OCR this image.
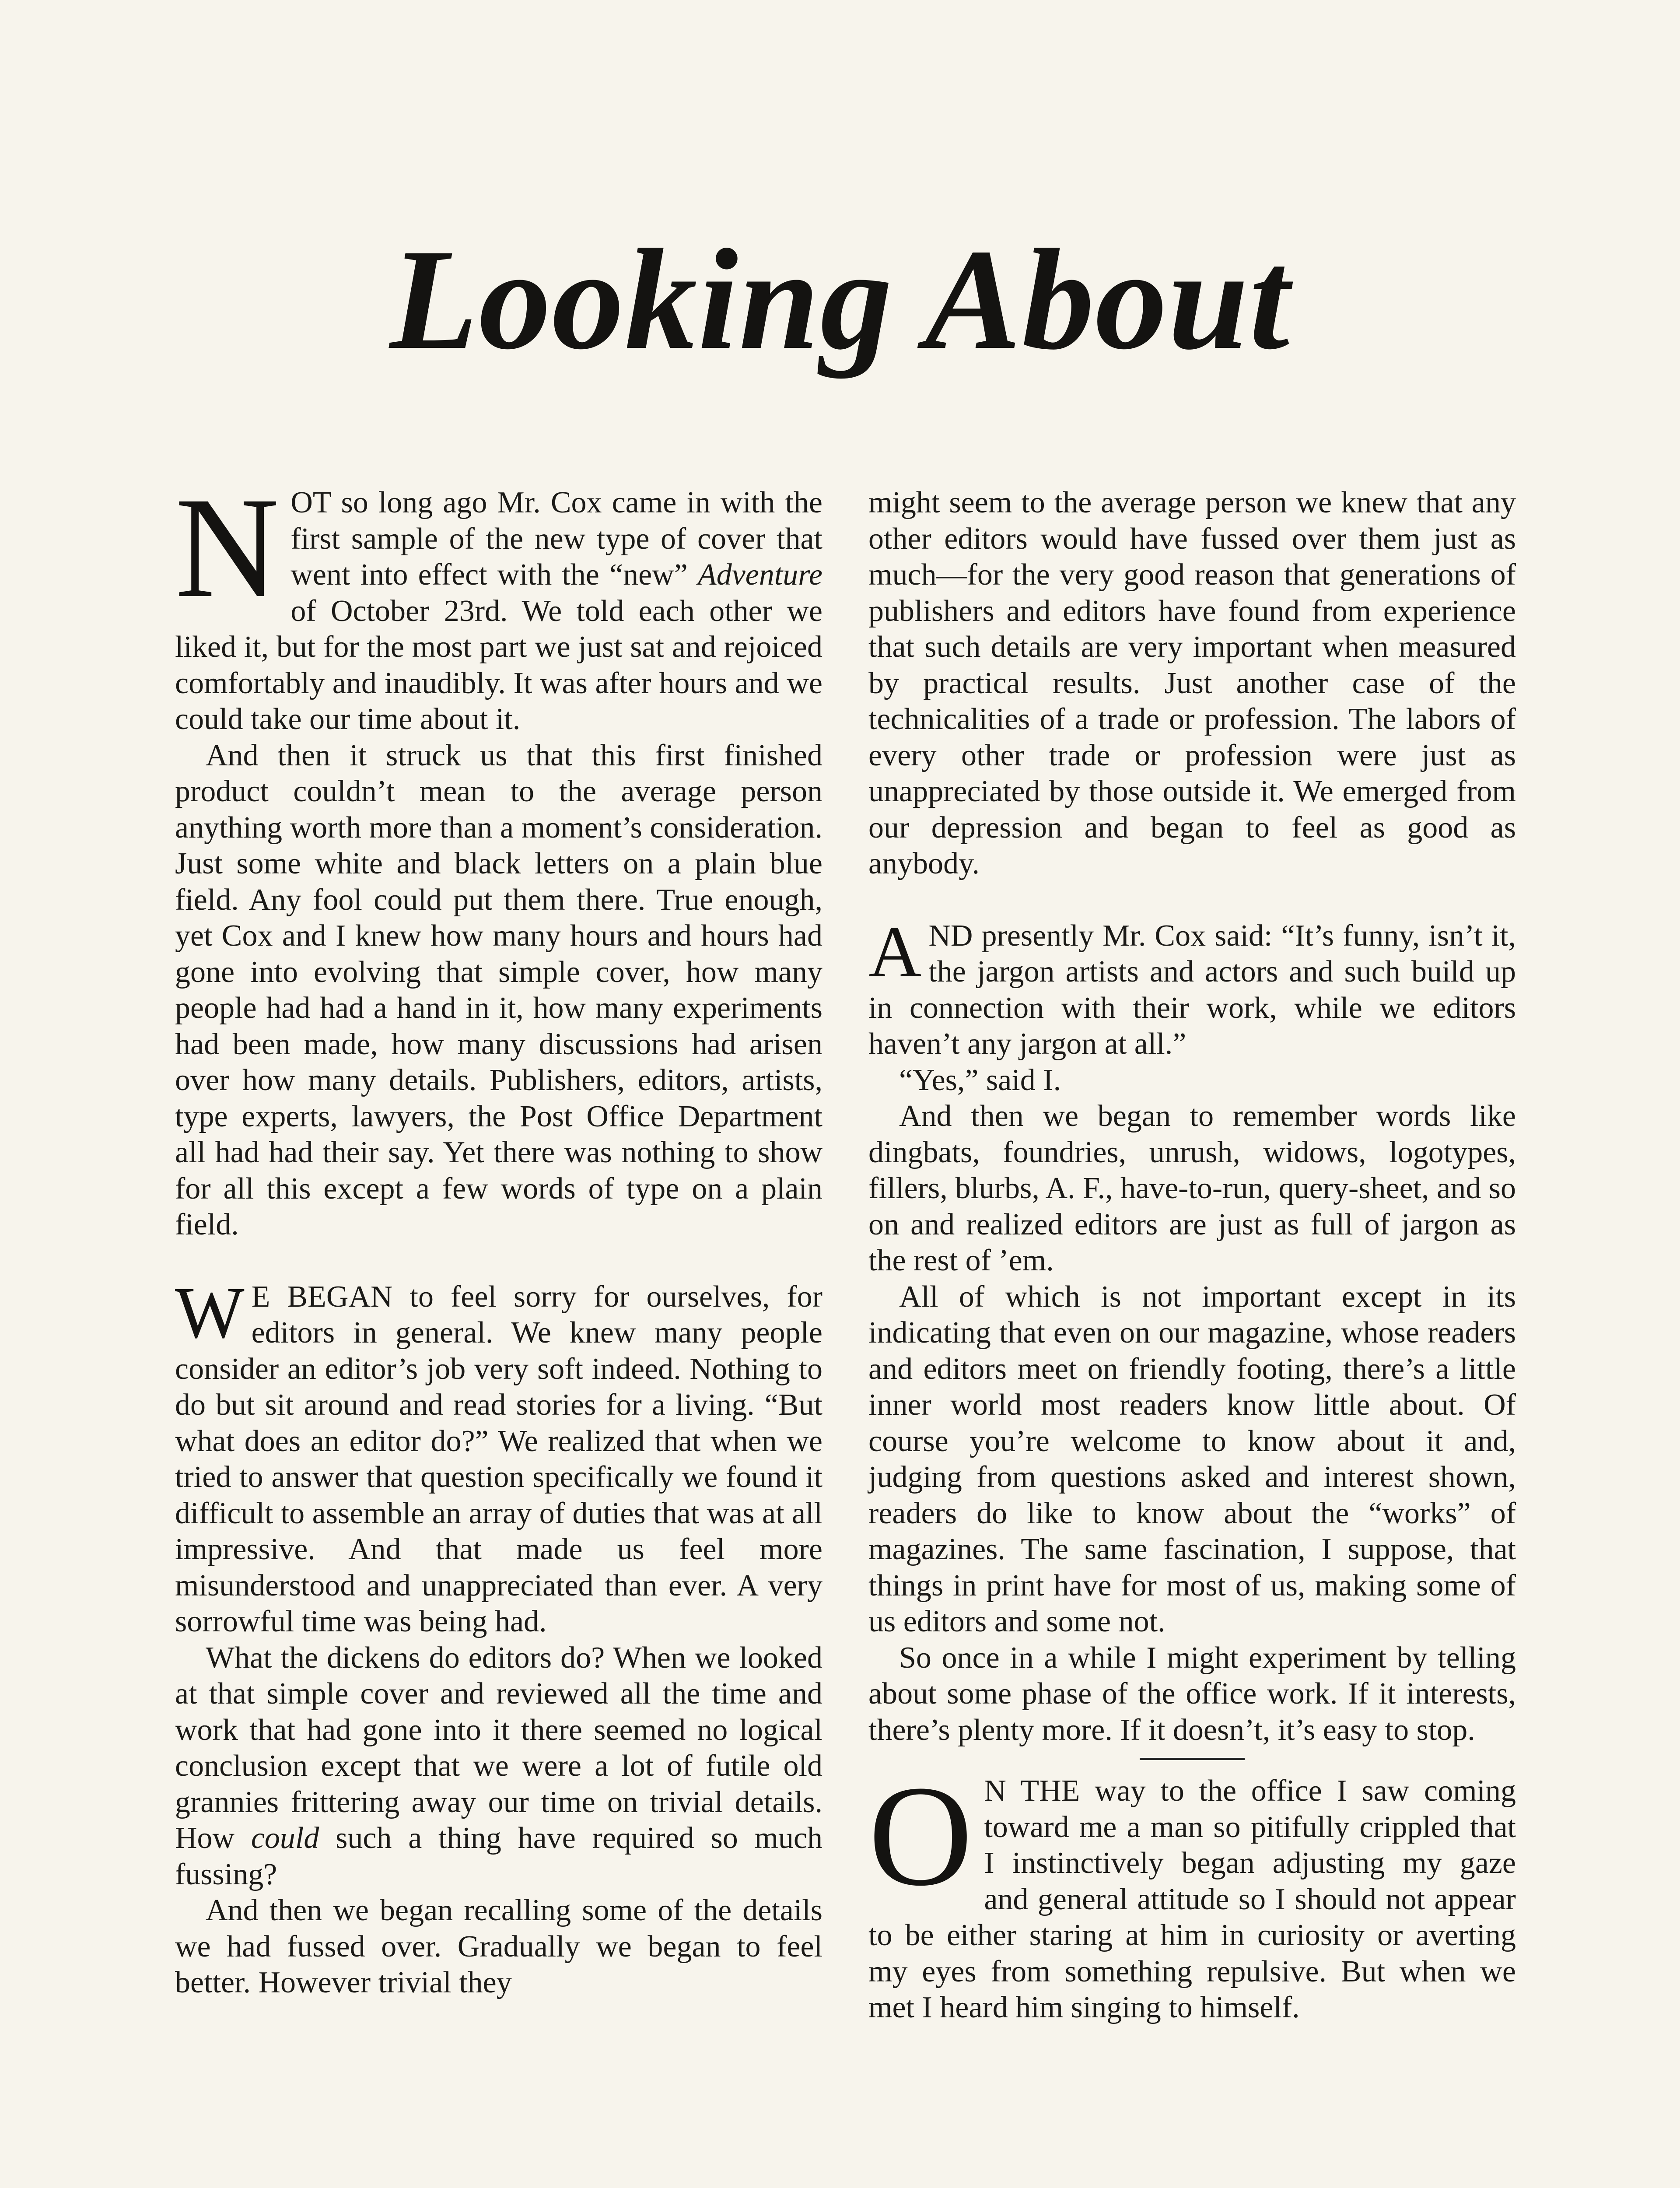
Looking About

NOT so long ago Mr. Cox came in with the first sample of the new type of cover that went into effect with the “new” Adventure of October 23rd. We told each other we liked it, but for the most part we just sat and rejoiced comfortably and inaudibly. It was after hours and we could take our time about it.

And then it struck us that this first finished product couldn’t mean to the average person anything worth more than a moment’s consideration. Just some white and black letters on a plain blue field. Any fool could put them there. True enough, yet Cox and I knew how many hours and hours had gone into evolving that simple cover, how many people had had a hand in it, how many experiments had been made, how many discussions had arisen over how many details. Publishers, editors, artists, type experts, lawyers, the Post Office Department all had had their say. Yet there was nothing to show for all this except a few words of type on a plain field.

W E BEGAN to feel sorry for ourselves, for editors in general. We knew many people consider an editor’s job very soft indeed. Nothing to do but sit around and read stories for a living. “But what does an editor do?” We realized that when we tried to answer that question specifically we found it difficult to assemble an array of duties that was at all impressive. And that made us feel more misunderstood and unappreciated than ever. A very sorrowful time was being had.

What the dickens do editors do? When we looked at that simple cover and reviewed all the time and work that had gone into it there seemed no logical conclusion except that we were a lot of futile old grannies frittering away our time on trivial details. How could such a thing have required so much fussing?

And then we began recalling some of the details we had fussed over. Gradually we began to feel better. However trivial they

might seem to the average person we knew that any other editors would have fussed over them just as much—for the very good reason that generations of publishers and editors have found from experience that such details are very important when measured by practical results. Just another case of the technicalities of a trade or profession. The labors of every other trade or profession were just as unappreciated by those outside it. We emerged from our depression and began to feel as good as anybody.

AND presently Mr. Cox said: “It’s funny, isn’t it, the jargon artists and actors and such build up in connection with their work, while we editors haven’t any jargon at all.”

“Yes,” said I.

And then we began to remember words like dingbats, foundries, unrush, widows, logotypes, fillers, blurbs, A. F., have-to-run, query-sheet, and so on and realized editors are just as full of jargon as the rest of ’em.

All of which is not important except in its indicating that even on our magazine, whose readers and editors meet on friendly footing, there’s a little inner world most readers know little about. Of course you’re welcome to know about it and, judging from questions asked and interest shown, readers do like to know about the “works” of magazines. The same fascination, I suppose, that things in print have for most of us, making some of us editors and some not.

So once in a while I might experiment by telling about some phase of the office work. If it interests, there’s plenty more. If it doesn’t, it’s easy to stop.

O N THE way to the office I saw coming toward me a man so pitifully crippled that I instinctively began adjusting my gaze and general attitude so I should not appear to be either staring at him in curiosity or averting my eyes from something repulsive. But when we met I heard him singing to himself.
